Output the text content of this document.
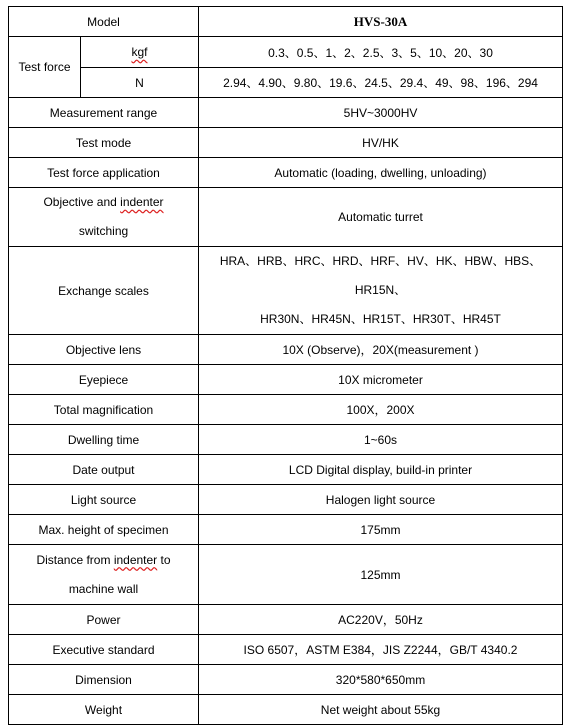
Model		HVS-30A
Test force	kgf	0.3、0.5、1、2、2.5、3、5、10、20、30
	N	2.94、4.90、9.80、19.6、24.5、29.4、49、98、196、294
Measurement range		5HV~3000HV
Test mode		HV/HK
Test force application		Automatic (loading, dwelling, unloading)
Objective and indenter
switching		Automatic turret
Exchange scales		HRA、HRB、HRC、HRD、HRF、HV、HK、HBW、HBS、HR15N、
HR30N、HR45N、HR15T、HR30T、HR45T
Objective lens		10X (Observe)，20X(measurement )
Eyepiece		10X micrometer
Total magnification		100X，200X
Dwelling time		1~60s
Date output		LCD Digital display, build-in printer
Light source		Halogen light source
Max. height of specimen		175mm
Distance from indenter to
machine wall		125mm
Power		AC220V，50Hz
Executive standard		ISO 6507，ASTM E384，JIS Z2244，GB/T 4340.2
Dimension		320*580*650mm
Weight		Net weight about 55kg
